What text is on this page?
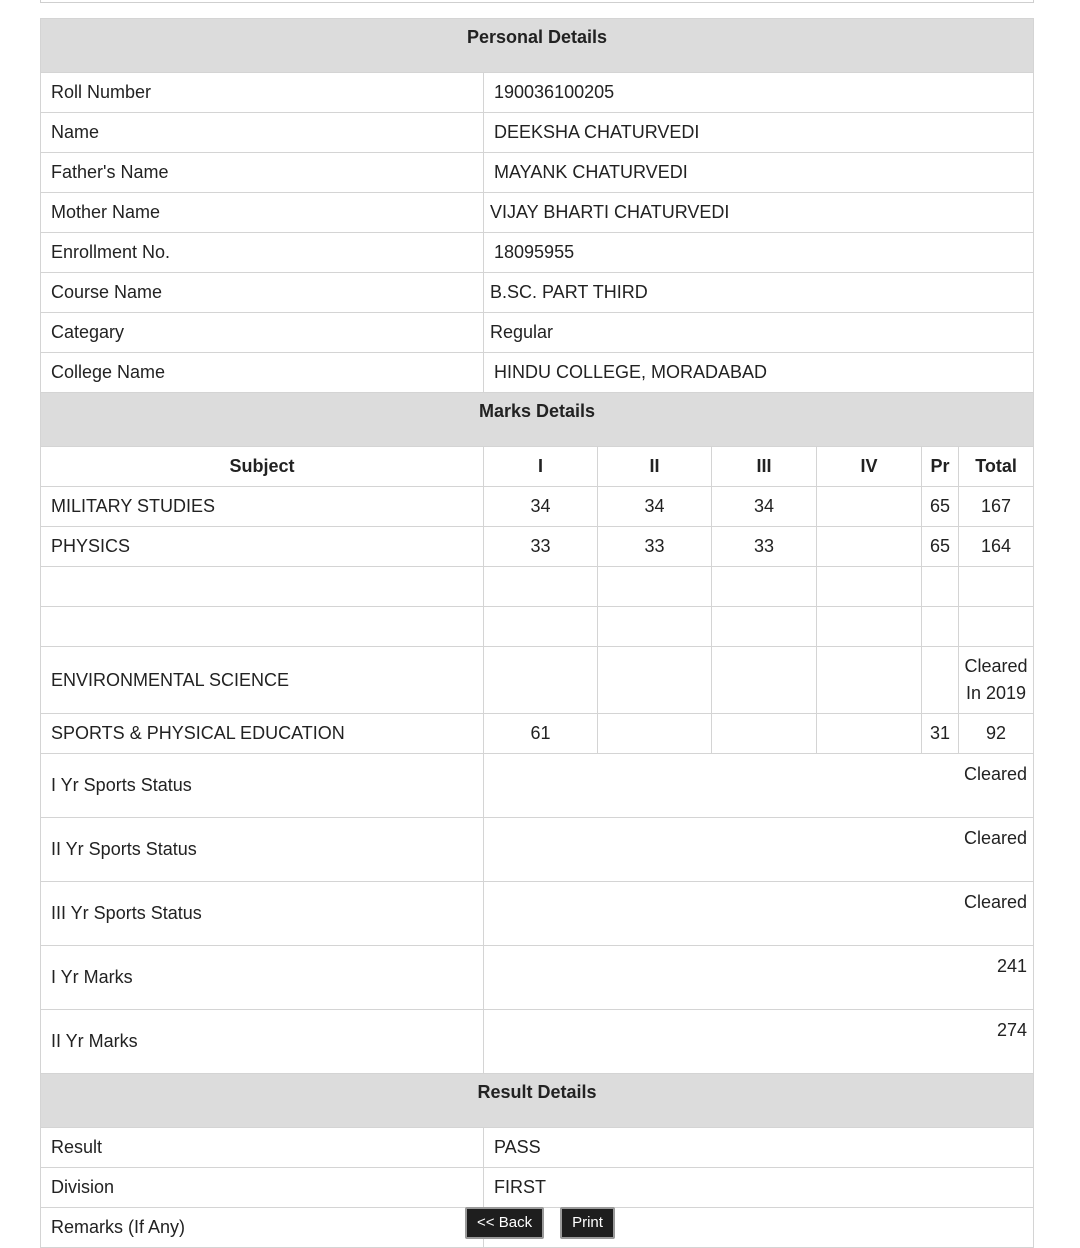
Personal Details						
Roll Number	190036100205					
Name	DEEKSHA CHATURVEDI					
Father's Name	MAYANK CHATURVEDI					
Mother Name	VIJAY BHARTI CHATURVEDI					
Enrollment No.	18095955					
Course Name	B.SC. PART THIRD					
Categary	Regular					
College Name	HINDU COLLEGE, MORADABAD					
Marks Details						
Subject	I	II	III	IV	Pr	Total
MILITARY STUDIES	34	34	34		65	167
PHYSICS	33	33	33		65	164

ENVIRONMENTAL SCIENCE						Cleared In 2019
SPORTS & PHYSICAL EDUCATION	61				31	92
I Yr Sports Status	Cleared					
II Yr Sports Status	Cleared					
III Yr Sports Status	Cleared					
I Yr Marks	241					
II Yr Marks	274					
Result Details						
Result	PASS					
Division	FIRST					
Remarks (If Any)							<< Back	Print
